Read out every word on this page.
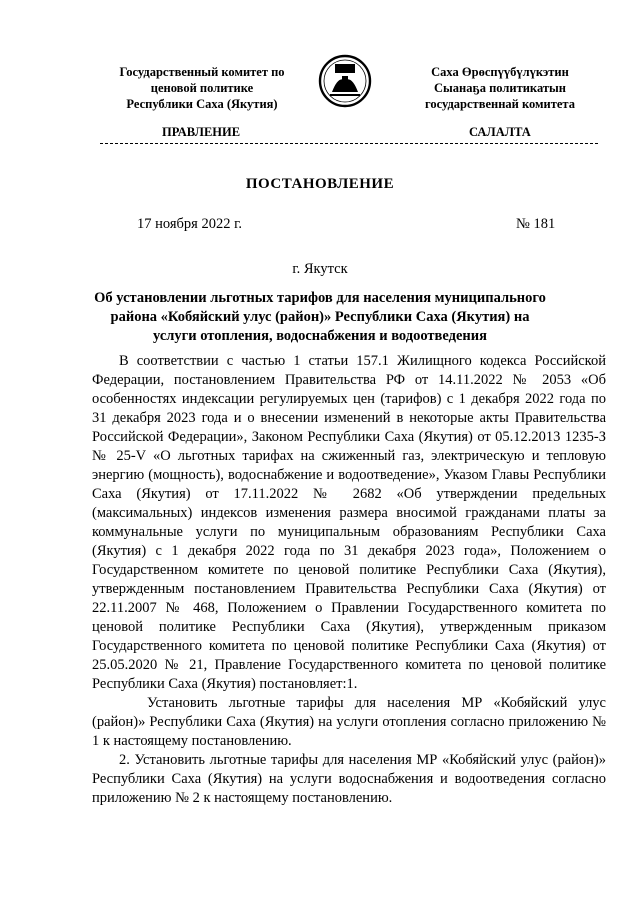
Государственный комитет по
ценовой политике
Республики Саха (Якутия)
Саха Өрөспүүбүлүкэтин
Сыанаҕа политикатын
государственнай комитета
ПРАВЛЕНИЕ	САЛАЛТА
ПОСТАНОВЛЕНИЕ
17 ноября 2022 г.	№ 181
г. Якутск
Об установлении льготных тарифов для населения муниципального района «Кобяйский улус (район)» Республики Саха (Якутия) на услуги отопления, водоснабжения и водоотведения

В соответствии с частью 1 статьи 157.1 Жилищного кодекса Российской Федерации, постановлением Правительства РФ от 14.11.2022 № 2053 «Об особенностях индексации регулируемых цен (тарифов) с 1 декабря 2022 года по 31 декабря 2023 года и о внесении изменений в некоторые акты Правительства Российской Федерации», Законом Республики Саха (Якутия) от 05.12.2013 1235-З № 25-V «О льготных тарифах на сжиженный газ, электрическую и тепловую энергию (мощность), водоснабжение и водоотведение», Указом Главы Республики Саха (Якутия) от 17.11.2022 № 2682 «Об утверждении предельных (максимальных) индексов изменения размера вносимой гражданами платы за коммунальные услуги по муниципальным образованиям Республики Саха (Якутия) с 1 декабря 2022 года по 31 декабря 2023 года», Положением о Государственном комитете по ценовой политике Республики Саха (Якутия), утвержденным постановлением Правительства Республики Саха (Якутия) от 22.11.2007 № 468, Положением о Правлении Государственного комитета по ценовой политике Республики Саха (Якутия), утвержденным приказом Государственного комитета по ценовой политике Республики Саха (Якутия) от 25.05.2020 № 21, Правление Государственного комитета по ценовой политике Республики Саха (Якутия) постановляет:1.

Установить льготные тарифы для населения МР «Кобяйский улус (район)» Республики Саха (Якутия) на услуги отопления согласно приложению № 1 к настоящему постановлению.

2. Установить льготные тарифы для населения МР «Кобяйский улус (район)» Республики Саха (Якутия) на услуги водоснабжения и водоотведения согласно приложению № 2 к настоящему постановлению.
